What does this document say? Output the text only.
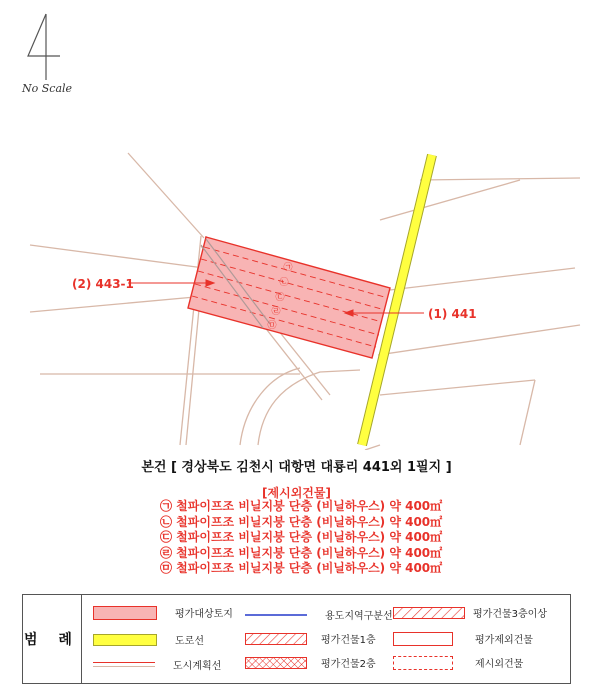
No Scale
㉠
㉡
㉢
㉣
㉤
(2) 443-1
(1) 441
본건 [ 경상북도 김천시 대항면 대룡리 441외 1필지 ]
[제시외건물]
㉠ 철파이프조 비닐지붕 단층 (비닐하우스) 약 400㎡
㉡ 철파이프조 비닐지붕 단층 (비닐하우스) 약 400㎡
㉢ 철파이프조 비닐지붕 단층 (비닐하우스) 약 400㎡
㉣ 철파이프조 비닐지붕 단층 (비닐하우스) 약 400㎡
㉤ 철파이프조 비닐지붕 단층 (비닐하우스) 약 400㎡
범 례
평가대상토지
도로선
도시계획선
용도지역구분선
평가건물1층
평가건물2층
평가건물3층이상
평가제외건물
제시외건물
